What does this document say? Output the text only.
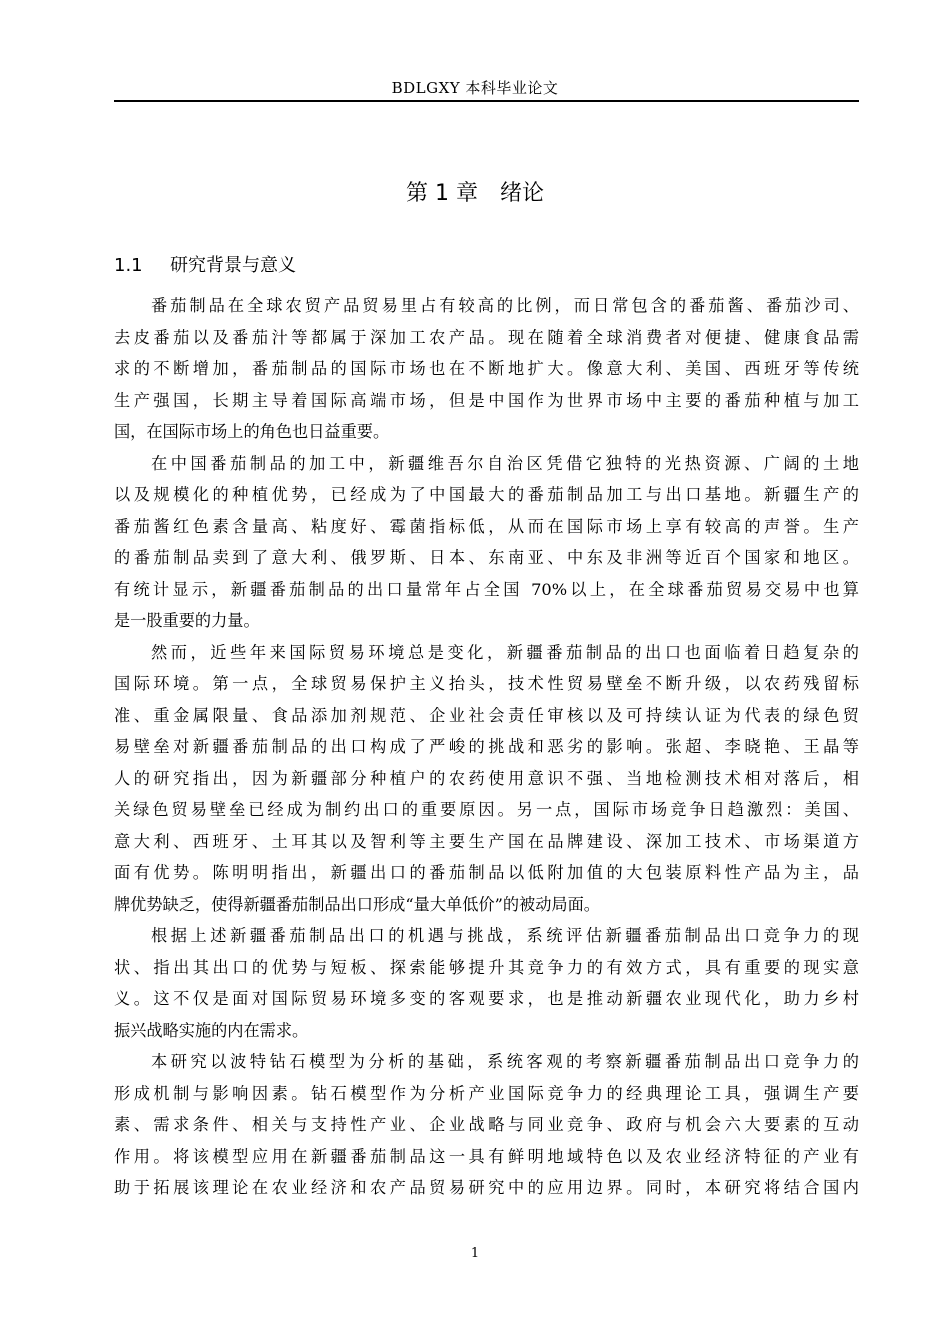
BDLGXY 本科毕业论文
第 1 章　绪论
1.1 研究背景与意义
番茄制品在全球农贸产品贸易里占有较高的比例，而日常包含的番茄酱、番茄沙司、
去皮番茄以及番茄汁等都属于深加工农产品。现在随着全球消费者对便捷、健康食品需
求的不断增加，番茄制品的国际市场也在不断地扩大。像意大利、美国、西班牙等传统
生产强国，长期主导着国际高端市场，但是中国作为世界市场中主要的番茄种植与加工
国，在国际市场上的角色也日益重要。
在中国番茄制品的加工中，新疆维吾尔自治区凭借它独特的光热资源、广阔的土地
以及规模化的种植优势，已经成为了中国最大的番茄制品加工与出口基地。新疆生产的
番茄酱红色素含量高、粘度好、霉菌指标低，从而在国际市场上享有较高的声誉。生产
的番茄制品卖到了意大利、俄罗斯、日本、东南亚、中东及非洲等近百个国家和地区。
有统计显示，新疆番茄制品的出口量常年占全国 70%以上，在全球番茄贸易交易中也算
是一股重要的力量。
然而，近些年来国际贸易环境总是变化，新疆番茄制品的出口也面临着日趋复杂的
国际环境。第一点，全球贸易保护主义抬头，技术性贸易壁垒不断升级，以农药残留标
准、重金属限量、食品添加剂规范、企业社会责任审核以及可持续认证为代表的绿色贸
易壁垒对新疆番茄制品的出口构成了严峻的挑战和恶劣的影响。张超、李晓艳、王晶等
人的研究指出，因为新疆部分种植户的农药使用意识不强、当地检测技术相对落后，相
关绿色贸易壁垒已经成为制约出口的重要原因。另一点，国际市场竞争日趋激烈：美国、
意大利、西班牙、土耳其以及智利等主要生产国在品牌建设、深加工技术、市场渠道方
面有优势。陈明明指出，新疆出口的番茄制品以低附加值的大包装原料性产品为主，品
牌优势缺乏，使得新疆番茄制品出口形成“量大单低价”的被动局面。
根据上述新疆番茄制品出口的机遇与挑战，系统评估新疆番茄制品出口竞争力的现
状、指出其出口的优势与短板、探索能够提升其竞争力的有效方式，具有重要的现实意
义。这不仅是面对国际贸易环境多变的客观要求，也是推动新疆农业现代化，助力乡村
振兴战略实施的内在需求。
本研究以波特钻石模型为分析的基础，系统客观的考察新疆番茄制品出口竞争力的
形成机制与影响因素。钻石模型作为分析产业国际竞争力的经典理论工具，强调生产要
素、需求条件、相关与支持性产业、企业战略与同业竞争、政府与机会六大要素的互动
作用。将该模型应用在新疆番茄制品这一具有鲜明地域特色以及农业经济特征的产业有
助于拓展该理论在农业经济和农产品贸易研究中的应用边界。同时，本研究将结合国内
1
